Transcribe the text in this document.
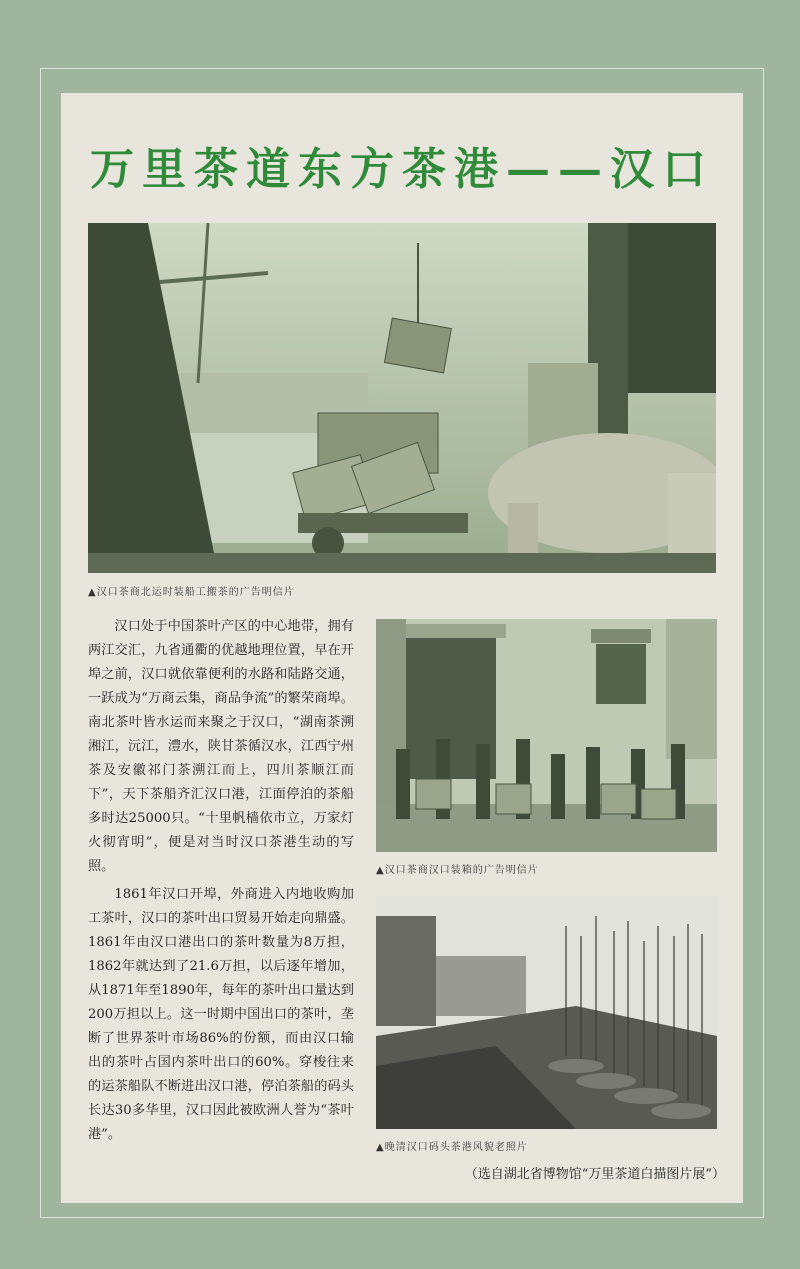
万里茶道东方茶港——汉口
▲汉口茶商北运时装船工搬茶的广告明信片

汉口处于中国茶叶产区的中心地带，拥有两江交汇，九省通衢的优越地理位置，早在开埠之前，汉口就依靠便利的水路和陆路交通，一跃成为“万商云集，商品争流”的繁荣商埠。南北茶叶皆水运而来聚之于汉口，“湖南茶溯湘江，沅江，澧水，陕甘茶循汉水，江西宁州茶及安徽祁门茶溯江而上，四川茶顺江而下”，天下茶船齐汇汉口港，江面停泊的茶船多时达25000只。“十里帆樯依市立，万家灯火彻宵明”，便是对当时汉口茶港生动的写照。

1861年汉口开埠，外商进入内地收购加工茶叶，汉口的茶叶出口贸易开始走向鼎盛。1861年由汉口港出口的茶叶数量为8万担，1862年就达到了21.6万担，以后逐年增加，从1871年至1890年，每年的茶叶出口量达到200万担以上。这一时期中国出口的茶叶，垄断了世界茶叶市场86%的份额，而由汉口输出的茶叶占国内茶叶出口的60%。穿梭往来的运茶船队不断进出汉口港，停泊茶船的码头长达30多华里，汉口因此被欧洲人誉为“茶叶港”。

▲汉口茶商汉口装箱的广告明信片
▲晚清汉口码头茶港风貌老照片
（选自湖北省博物馆“万里茶道白描图片展”）
